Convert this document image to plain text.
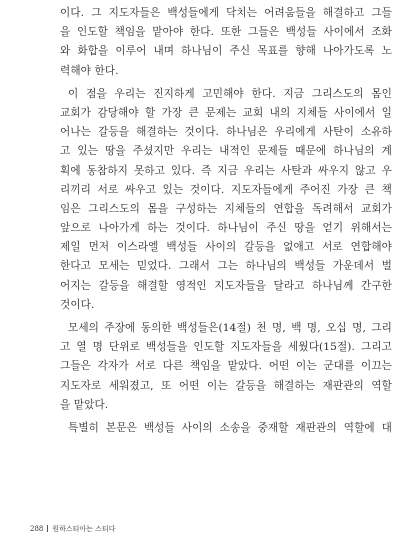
이다. 그 지도자들은 백성들에게 닥치는 어려움들을 해결하고 그들
을 인도할 책임을 맡아야 한다. 또한 그들은 백성들 사이에서 조화
와 화합을 이루어 내며 하나님이 주신 목표를 향해 나아가도록 노
력해야 한다.
이 점을 우리는 진지하게 고민해야 한다. 지금 그리스도의 몸인
교회가 감당해야 할 가장 큰 문제는 교회 내의 지체들 사이에서 일
어나는 갈등을 해결하는 것이다. 하나님은 우리에게 사탄이 소유하
고 있는 땅을 주셨지만 우리는 내적인 문제들 때문에 하나님의 계
획에 동참하지 못하고 있다. 즉 지금 우리는 사탄과 싸우지 않고 우
리끼리 서로 싸우고 있는 것이다. 지도자들에게 주어진 가장 큰 책
임은 그리스도의 몸을 구성하는 지체들의 연합을 독려해서 교회가
앞으로 나아가게 하는 것이다. 하나님이 주신 땅을 얻기 위해서는
제일 먼저 이스라엘 백성들 사이의 갈등을 없애고 서로 연합해야
한다고 모세는 믿었다. 그래서 그는 하나님의 백성들 가운데서 벌
어지는 갈등을 해결할 영적인 지도자들을 달라고 하나님께 간구한
것이다.
모세의 주장에 동의한 백성들은(14절) 천 명, 백 명, 오십 명, 그리
고 열 명 단위로 백성들을 인도할 지도자들을 세웠다(15절). 그리고
그들은 각자가 서로 다른 책임을 맡았다. 어떤 이는 군대를 이끄는
지도자로 세워졌고, 또 어떤 이는 갈등을 해결하는 재판관의 역할
을 맡았다.
특별히 본문은 백성들 사이의 소송을 중재할 재판관의 역할에 대
288 원하스티아는 스티다
